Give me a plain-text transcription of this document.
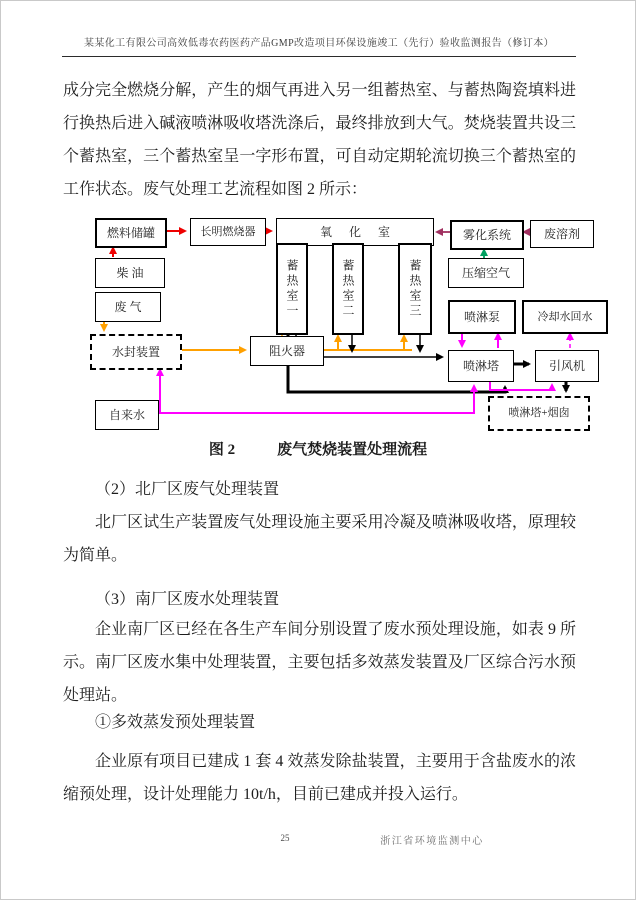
某某化工有限公司高效低毒农药医药产品GMP改造项目环保设施竣工（先行）验收监测报告（修订本）
成分完全燃烧分解，产生的烟气再进入另一组蓄热室、与蓄热陶瓷填料进行换热后进入碱液喷淋吸收塔洗涤后，最终排放到大气。焚烧装置共设三个蓄热室，三个蓄热室呈一字形布置，可自动定期轮流切换三个蓄热室的工作状态。废气处理工艺流程如图 2 所示：
燃料储罐	长明燃烧器	氧 化 室
蓄热室一	蓄热室二	蓄热室三
雾化系统	废溶剂
压缩空气
柴 油
废 气
水封装置	阻火器
喷淋泵	冷却水回水
喷淋塔	引风机
喷淋塔+烟囱
自来水
图 2	废气焚烧装置处理流程
（2）北厂区废气处理装置
北厂区试生产装置废气处理设施主要采用冷凝及喷淋吸收塔，原理较为简单。
（3）南厂区废水处理装置
企业南厂区已经在各生产车间分别设置了废水预处理设施，如表 9 所示。南厂区废水集中处理装置，主要包括多效蒸发装置及厂区综合污水预处理站。
①多效蒸发预处理装置
企业原有项目已建成 1 套 4 效蒸发除盐装置，主要用于含盐废水的浓缩预处理，设计处理能力 10t/h，目前已建成并投入运行。
25	浙江省环境监测中心
